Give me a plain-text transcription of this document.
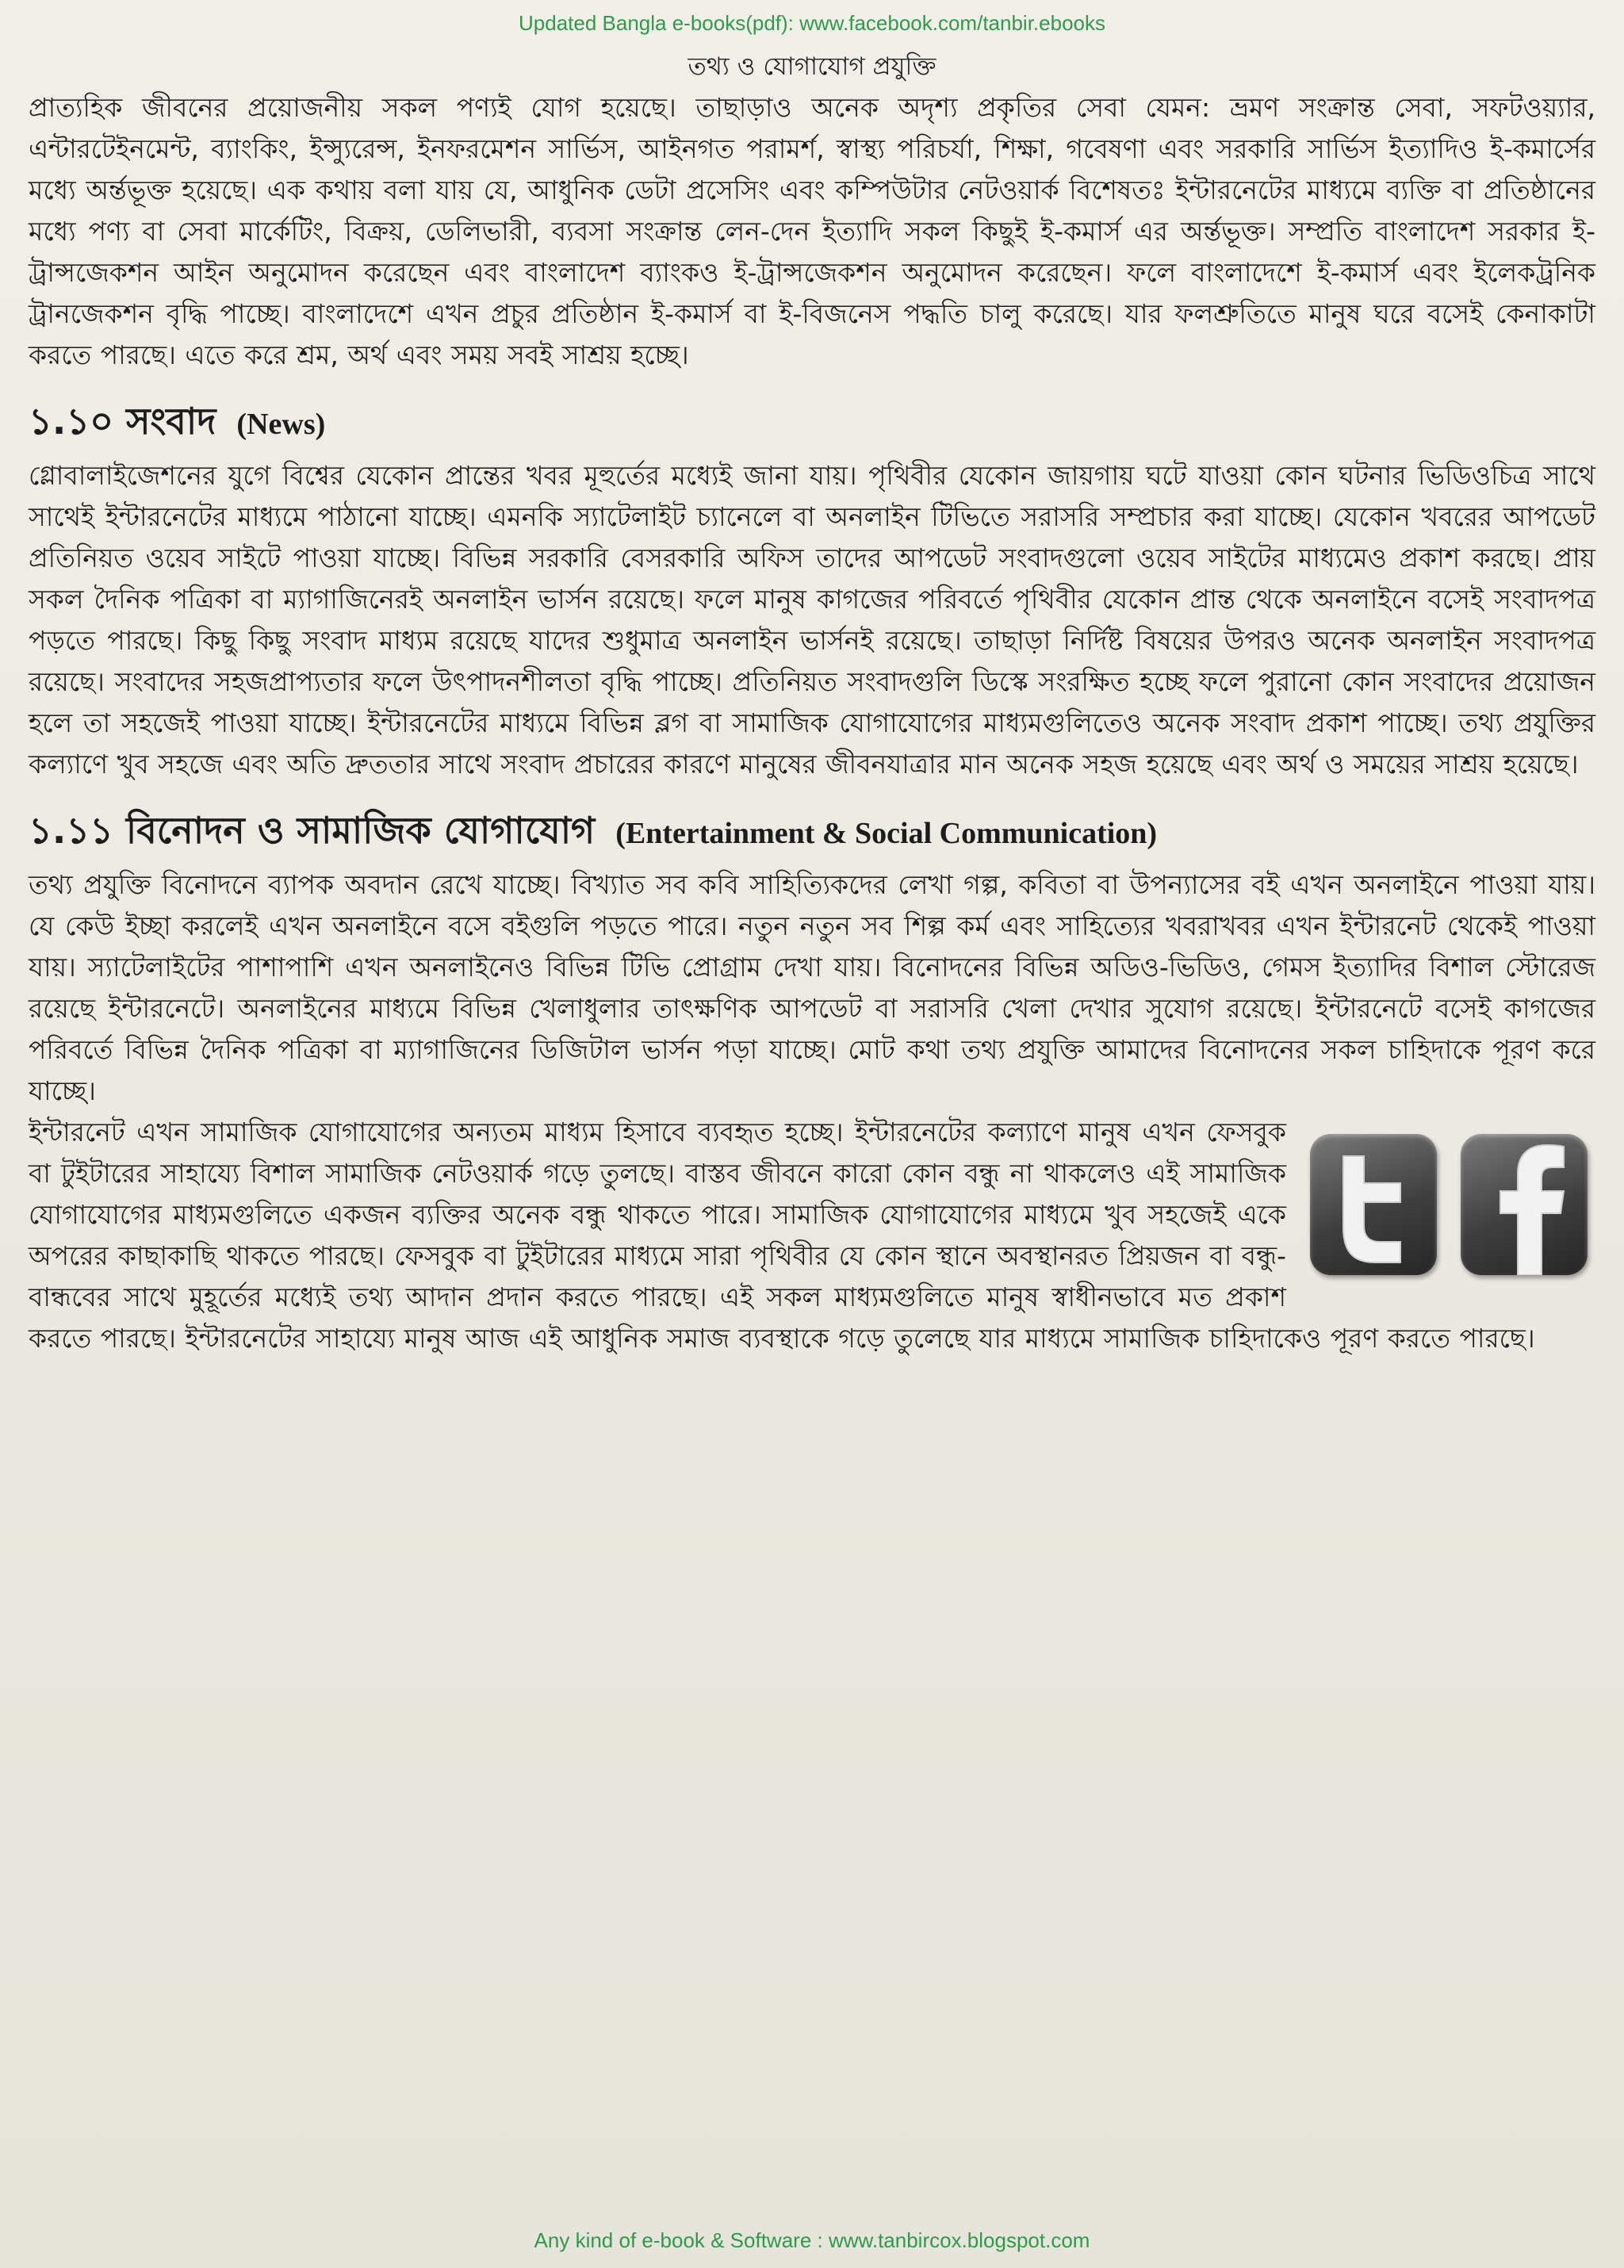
Updated Bangla e-books(pdf): www.facebook.com/tanbir.ebooks
তথ্য ও যোগাযোগ প্রযুক্তি

প্রাত্যহিক জীবনের প্রয়োজনীয় সকল পণ্যই যোগ হয়েছে। তাছাড়াও অনেক অদৃশ্য প্রকৃতির সেবা যেমন: ভ্রমণ সংক্রান্ত সেবা, সফটওয়্যার, এন্টারটেইনমেন্ট, ব্যাংকিং, ইন্স্যুরেন্স, ইনফরমেশন সার্ভিস, আইনগত পরামর্শ, স্বাস্থ্য পরিচর্যা, শিক্ষা, গবেষণা এবং সরকারি সার্ভিস ইত্যাদিও ই-কমার্সের মধ্যে অর্ন্তভূক্ত হয়েছে। এক কথায় বলা যায় যে, আধুনিক ডেটা প্রসেসিং এবং কম্পিউটার নেটওয়ার্ক বিশেষতঃ ইন্টারনেটের মাধ্যমে ব্যক্তি বা প্রতিষ্ঠানের মধ্যে পণ্য বা সেবা মার্কেটিং, বিক্রয়, ডেলিভারী, ব্যবসা সংক্রান্ত লেন-দেন ইত্যাদি সকল কিছুই ই-কমার্স এর অর্ন্তভূক্ত। সম্প্রতি বাংলাদেশ সরকার ই-ট্রান্সজেকশন আইন অনুমোদন করেছেন এবং বাংলাদেশ ব্যাংকও ই-ট্রান্সজেকশন অনুমোদন করেছেন। ফলে বাংলাদেশে ই-কমার্স এবং ইলেকট্রনিক ট্রানজেকশন বৃদ্ধি পাচ্ছে। বাংলাদেশে এখন প্রচুর প্রতিষ্ঠান ই-কমার্স বা ই-বিজনেস পদ্ধতি চালু করেছে। যার ফলশ্রুতিতে মানুষ ঘরে বসেই কেনাকাটা করতে পারছে। এতে করে শ্রম, অর্থ এবং সময় সবই সাশ্রয় হচ্ছে।

১.১০ সংবাদ (News)

গ্লোবালাইজেশনের যুগে বিশ্বের যেকোন প্রান্তের খবর মূহুর্তের মধ্যেই জানা যায়। পৃথিবীর যেকোন জায়গায় ঘটে যাওয়া কোন ঘটনার ভিডিওচিত্র সাথে সাথেই ইন্টারনেটের মাধ্যমে পাঠানো যাচ্ছে। এমনকি স্যাটেলাইট চ্যানেলে বা অনলাইন টিভিতে সরাসরি সম্প্রচার করা যাচ্ছে। যেকোন খবরের আপডেট প্রতিনিয়ত ওয়েব সাইটে পাওয়া যাচ্ছে। বিভিন্ন সরকারি বেসরকারি অফিস তাদের আপডেট সংবাদগুলো ওয়েব সাইটের মাধ্যমেও প্রকাশ করছে। প্রায় সকল দৈনিক পত্রিকা বা ম্যাগাজিনেরই অনলাইন ভার্সন রয়েছে। ফলে মানুষ কাগজের পরিবর্তে পৃথিবীর যেকোন প্রান্ত থেকে অনলাইনে বসেই সংবাদপত্র পড়তে পারছে। কিছু কিছু সংবাদ মাধ্যম রয়েছে যাদের শুধুমাত্র অনলাইন ভার্সনই রয়েছে। তাছাড়া নির্দিষ্ট বিষয়ের উপরও অনেক অনলাইন সংবাদপত্র রয়েছে। সংবাদের সহজপ্রাপ্যতার ফলে উৎপাদনশীলতা বৃদ্ধি পাচ্ছে। প্রতিনিয়ত সংবাদগুলি ডিস্কে সংরক্ষিত হচ্ছে ফলে পুরানো কোন সংবাদের প্রয়োজন হলে তা সহজেই পাওয়া যাচ্ছে। ইন্টারনেটের মাধ্যমে বিভিন্ন ব্লগ বা সামাজিক যোগাযোগের মাধ্যমগুলিতেও অনেক সংবাদ প্রকাশ পাচ্ছে। তথ্য প্রযুক্তির কল্যাণে খুব সহজে এবং অতি দ্রুততার সাথে সংবাদ প্রচারের কারণে মানুষের জীবনযাত্রার মান অনেক সহজ হয়েছে এবং অর্থ ও সময়ের সাশ্রয় হয়েছে।

১.১১ বিনোদন ও সামাজিক যোগাযোগ (Entertainment & Social Communication)

তথ্য প্রযুক্তি বিনোদনে ব্যাপক অবদান রেখে যাচ্ছে। বিখ্যাত সব কবি সাহিত্যিকদের লেখা গল্প, কবিতা বা উপন্যাসের বই এখন অনলাইনে পাওয়া যায়। যে কেউ ইচ্ছা করলেই এখন অনলাইনে বসে বইগুলি পড়তে পারে। নতুন নতুন সব শিল্প কর্ম এবং সাহিত্যের খবরাখবর এখন ইন্টারনেট থেকেই পাওয়া যায়। স্যাটেলাইটের পাশাপাশি এখন অনলাইনেও বিভিন্ন টিভি প্রোগ্রাম দেখা যায়। বিনোদনের বিভিন্ন অডিও-ভিডিও, গেমস ইত্যাদির বিশাল স্টোরেজ রয়েছে ইন্টারনেটে। অনলাইনের মাধ্যমে বিভিন্ন খেলাধুলার তাৎক্ষণিক আপডেট বা সরাসরি খেলা দেখার সুযোগ রয়েছে। ইন্টারনেটে বসেই কাগজের পরিবর্তে বিভিন্ন দৈনিক পত্রিকা বা ম্যাগাজিনের ডিজিটাল ভার্সন পড়া যাচ্ছে। মোট কথা তথ্য প্রযুক্তি আমাদের বিনোদনের সকল চাহিদাকে পূরণ করে যাচ্ছে।

ইন্টারনেট এখন সামাজিক যোগাযোগের অন্যতম মাধ্যম হিসাবে ব্যবহৃত হচ্ছে। ইন্টারনেটের কল্যাণে মানুষ এখন ফেসবুক বা টুইটারের সাহায্যে বিশাল সামাজিক নেটওয়ার্ক গড়ে তুলছে। বাস্তব জীবনে কারো কোন বন্ধু না থাকলেও এই সামাজিক যোগাযোগের মাধ্যমগুলিতে একজন ব্যক্তির অনেক বন্ধু থাকতে পারে। সামাজিক যোগাযোগের মাধ্যমে খুব সহজেই একে অপরের কাছাকাছি থাকতে পারছে। ফেসবুক বা টুইটারের মাধ্যমে সারা পৃথিবীর যে কোন স্থানে অবস্থানরত প্রিয়জন বা বন্ধু-বান্ধবের সাথে মুহূর্তের মধ্যেই তথ্য আদান প্রদান করতে পারছে। এই সকল মাধ্যমগুলিতে মানুষ স্বাধীনভাবে মত প্রকাশ করতে পারছে। ইন্টারনেটের সাহায্যে মানুষ আজ এই আধুনিক সমাজ ব্যবস্থাকে গড়ে তুলেছে যার মাধ্যমে সামাজিক চাহিদাকেও পূরণ করতে পারছে।

Any kind of e-book & Software : www.tanbircox.blogspot.com
